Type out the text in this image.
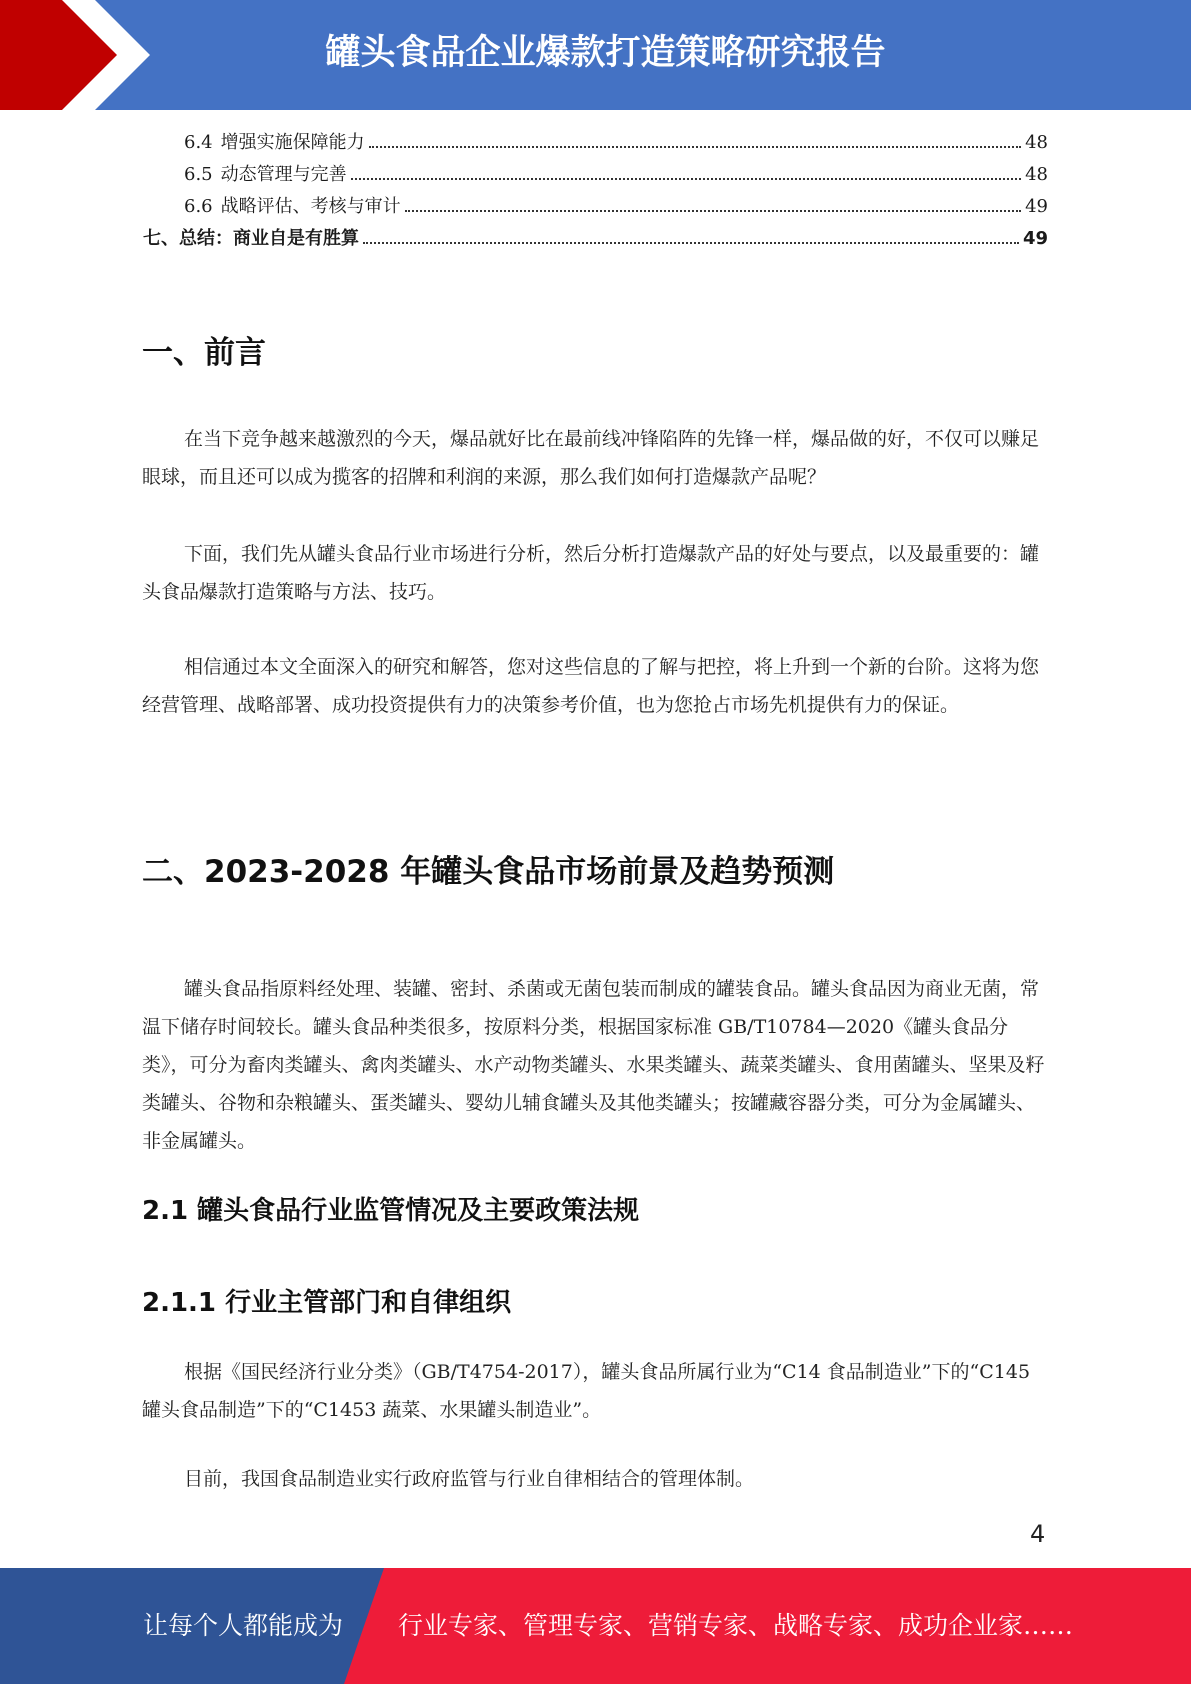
罐头食品企业爆款打造策略研究报告
6.4 增强实施保障能力	48
6.5 动态管理与完善	48
6.6 战略评估、考核与审计	49
七、总结：商业自是有胜算	49
一、前言

在当下竞争越来越激烈的今天，爆品就好比在最前线冲锋陷阵的先锋一样，爆品做的好，不仅可以赚足眼球，而且还可以成为揽客的招牌和利润的来源，那么我们如何打造爆款产品呢？

下面，我们先从罐头食品行业市场进行分析，然后分析打造爆款产品的好处与要点，以及最重要的：罐头食品爆款打造策略与方法、技巧。

相信通过本文全面深入的研究和解答，您对这些信息的了解与把控，将上升到一个新的台阶。这将为您经营管理、战略部署、成功投资提供有力的决策参考价值，也为您抢占市场先机提供有力的保证。

二、2023-2028 年罐头食品市场前景及趋势预测

罐头食品指原料经处理、装罐、密封、杀菌或无菌包装而制成的罐装食品。罐头食品因为商业无菌，常温下储存时间较长。罐头食品种类很多，按原料分类，根据国家标准 GB/T10784—2020《罐头食品分类》，可分为畜肉类罐头、禽肉类罐头、水产动物类罐头、水果类罐头、蔬菜类罐头、食用菌罐头、坚果及籽类罐头、谷物和杂粮罐头、蛋类罐头、婴幼儿辅食罐头及其他类罐头；按罐藏容器分类，可分为金属罐头、非金属罐头。

2.1 罐头食品行业监管情况及主要政策法规
2.1.1 行业主管部门和自律组织

根据《国民经济行业分类》（GB/T4754-2017），罐头食品所属行业为“C14 食品制造业”下的“C145 罐头食品制造”下的“C1453 蔬菜、水果罐头制造业”。

目前，我国食品制造业实行政府监管与行业自律相结合的管理体制。

4
让每个人都能成为 行业专家、管理专家、营销专家、战略专家、成功企业家……
